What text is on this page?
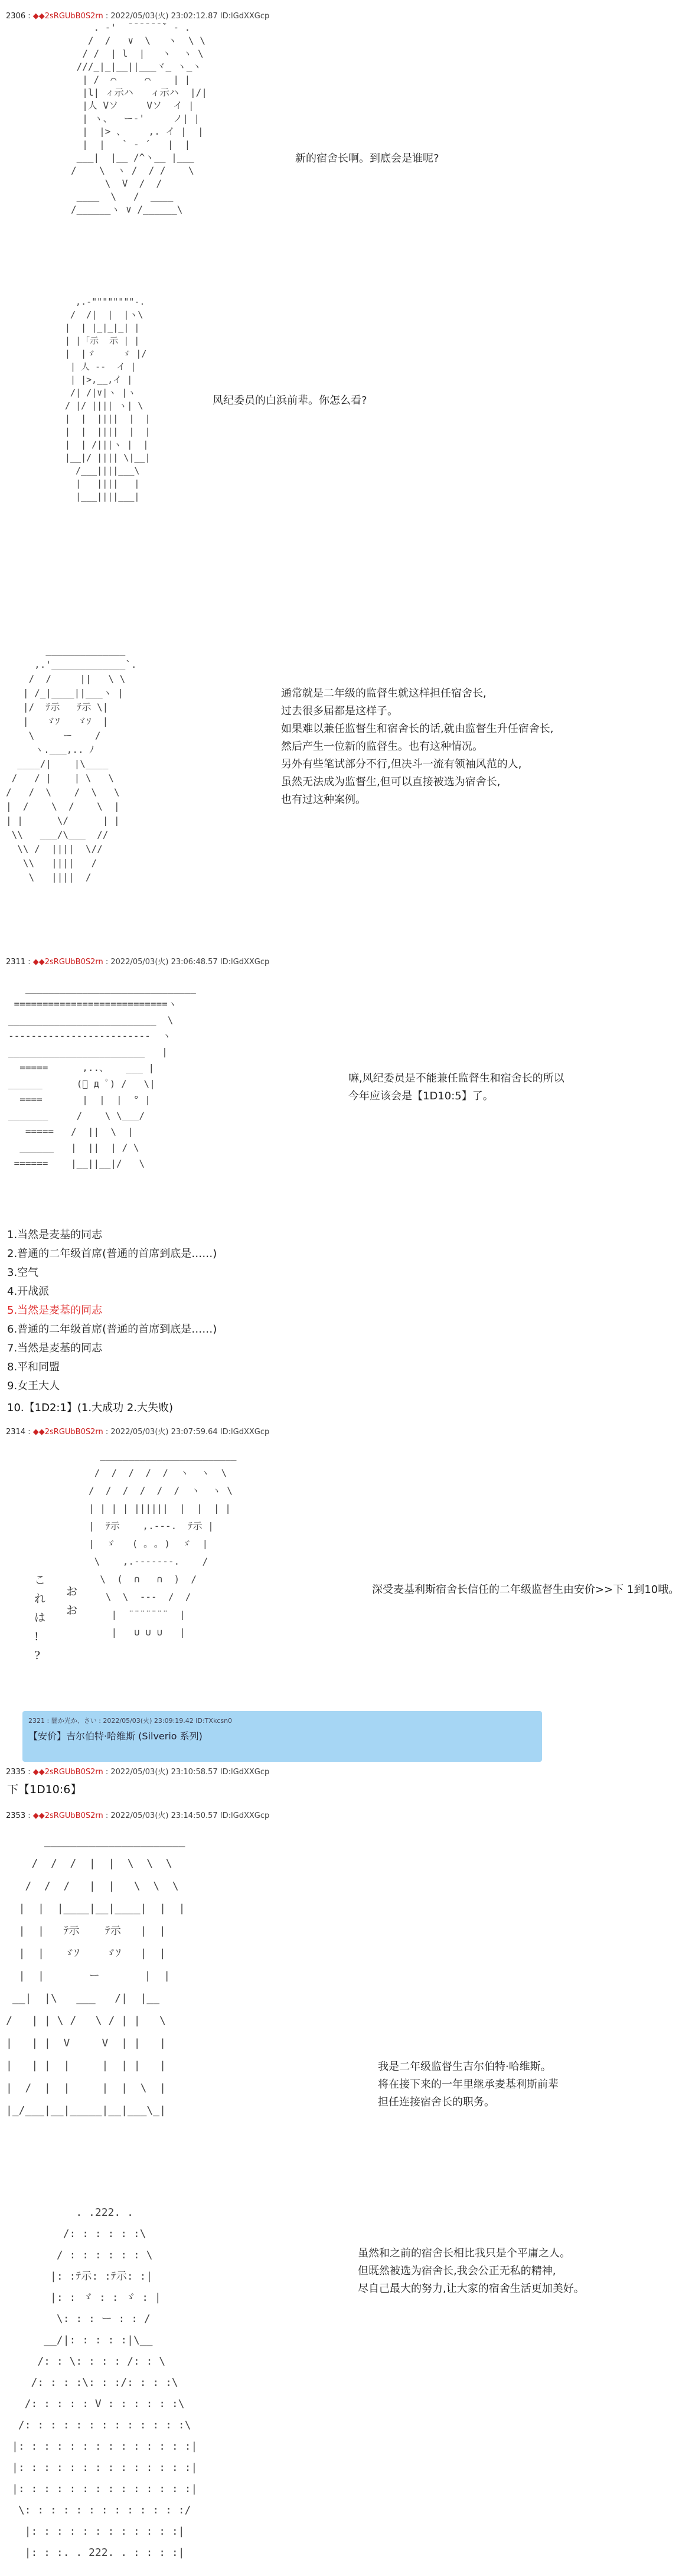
2306 : ◆◆2sRGUbB0S2rn : 2022/05/03(火) 23:02:12.87 ID:lGdXXGcp
. ‐'  ̄ ̄ ̄ ̄ ̄ ̄ ̄` ‐ .
/  /   ∨  \   ヽ  \ \
/ /  | l  |   ヽ  ヽ \
///_|_|__||___ヾ_ ヽ_ヽ
| /  ⌒     ⌒    | |
|l| ィ示ハ   ィ示ハ  |/|
|人 Vソ     Vソ  イ |
| ヽ、  ー‐'     ノ| |
|  |> 、    ,. イ |  |
|  |   ` ‐ ´   |  |
___|  |__ /^ヽ__ |___
/    \  ヽ /  / /    \
\  V  /  /
____  \   /  ____
/______ヽ ∨ /______\
新的宿舍长啊。到底会是谁呢?
,.‐""""""""‐.
/  /|  |  |ヽ\
|  | |_|_|_| |
| |「示  示 | |
|  |ゞ     ゞ |/
| 人 ‐‐  イ |
| |>,__,イ |
/| /|∨|ヽ |ヽ
/ |/ |||| ヽ| \
|  |  ||||  |  |
|  |  ||||  |  |
|  | /|||ヽ |  |
|__|/ |||| \|__|
/___||||___\
|   ||||   |
|___||||___|
风纪委员的白浜前辈。你怎么看?
______________
,.'_____________`.
/  /     ||   \ \
| /_|____||___ヽ |
|/  ﾃ示   ﾃ示 \|
|   ゞｿ   ゞｿ  |
\     ー    /
ヽ.___,.. ﾉ
____/|    |\____
/   / |    | \   \
/   /  \    /  \   \
|  /    \  /    \  |
| |      \/      | |
\\   ___/\___  //
\\ /  ||||  \//
\\   ||||   /
\   ||||  /
通常就是二年级的监督生就这样担任宿舍长,
过去很多届都是这样子。
如果难以兼任监督生和宿舍长的话,就由监督生升任宿舍长,
然后产生一位新的监督生。也有这种情况。
另外有些笔试部分不行,但决斗一流有领袖风范的人,
虽然无法成为监督生,但可以直接被选为宿舍长,
也有过这种案例。
2311 : ◆◆2sRGUbB0S2rn : 2022/05/03(火) 23:06:48.57 ID:lGdXXGcp
______________________________
===========================ヽ
__________________________  \
-------------------------  ヽ
________________________   |
=====      ,..、   ___ |
______      (ﾟ д ﾟ) /   \|
====       |  |  |  ° |
_______     /    \ \___/
=====   /  ||  \  |
______   |  ||  | / \
======    |__||__|/   \
嘛,风纪委员是不能兼任监督生和宿舍长的所以
今年应该会是【1D10:5】了。
1.当然是麦基的同志
2.普通的二年级首席(普通的首席到底是……)
3.空气
4.开战派
5.当然是麦基的同志
6.普通的二年级首席(普通的首席到底是……)
7.当然是麦基的同志
8.平和同盟
9.女王大人
10.【1D2:1】(1.大成功 2.大失败)
2314 : ◆◆2sRGUbB0S2rn : 2022/05/03(火) 23:07:59.64 ID:lGdXXGcp
________________________
/  /  /  /  /  ヽ  ヽ  \
/  /  /  /  /  /  ヽ  ヽ \
| | | | ||||||  |  |  | |
|  ﾃ示    ,.‐‐‐.  ﾃ示 |
|  ゞ   ( ｡ ｡ )  ゞ  |
\    ,.‐‐‐‐‐‐‐.    /
\  (  ∩   ∩  )  /
\  \  ‐‐‐  /  /
|  ¨¨¨¨¨¨¨  |
|   ∪ ∪ ∪   |
こ
れ
は
!
?
お
お
深受麦基利斯宿舍长信任的二年级监督生由安价>>下 1到10哦。
2321 : 闇か光か、さい : 2022/05/03(火) 23:09:19.42 ID:TXkcsn0
【安价】吉尔伯特·哈维斯 (Silverio 系列)
2335 : ◆◆2sRGUbB0S2rn : 2022/05/03(火) 23:10:58.57 ID:lGdXXGcp
下【1D10:6】
2353 : ◆◆2sRGUbB0S2rn : 2022/05/03(火) 23:14:50.57 ID:lGdXXGcp
______________________
/  /  /  |  |  \  \  \
/  /  /   |  |   \  \  \
|  |  |____|__|____|  |  |
|  |   ﾃ示    ﾃ示   |  |
|  |   ゞｿ    ゞｿ   |  |
|  |       ー       |  |
__|  |\   ___   /|  |__
/   | | \ /   \ / | |   \
|   | |  V     V  | |   |
|   | |  |     |  | |   |
|  /  |  |     |  |  \  |
|_/___|__|_____|__|___\_|
我是二年级监督生吉尔伯特·哈维斯。
将在接下来的一年里继承麦基利斯前辈
担任连接宿舍长的职务。
. .222. .
/: : : : : :\
/ : : : : : : \
|: :ﾃ示: :ﾃ示: :|
|: : ゞ : : ゞ : |
\: : : ー : : /
__/|: : : : :|\__
/: : \: : : : /: : \
/: : : :\: : :/: : : :\
/: : : : : V : : : : : :\
/: : : : : : : : : : : : :\
|: : : : : : : : : : : : : :|
|: : : : : : : : : : : : : :|
|: : : : : : : : : : : : : :|
\: : : : : : : : : : : : :/
|: : : : : : : : : : : :|
|: : :. . 222. . : : : :|
虽然和之前的宿舍长相比我只是个平庸之人。
但既然被选为宿舍长,我会公正无私的精神,
尽自己最大的努力,让大家的宿舍生活更加美好。
